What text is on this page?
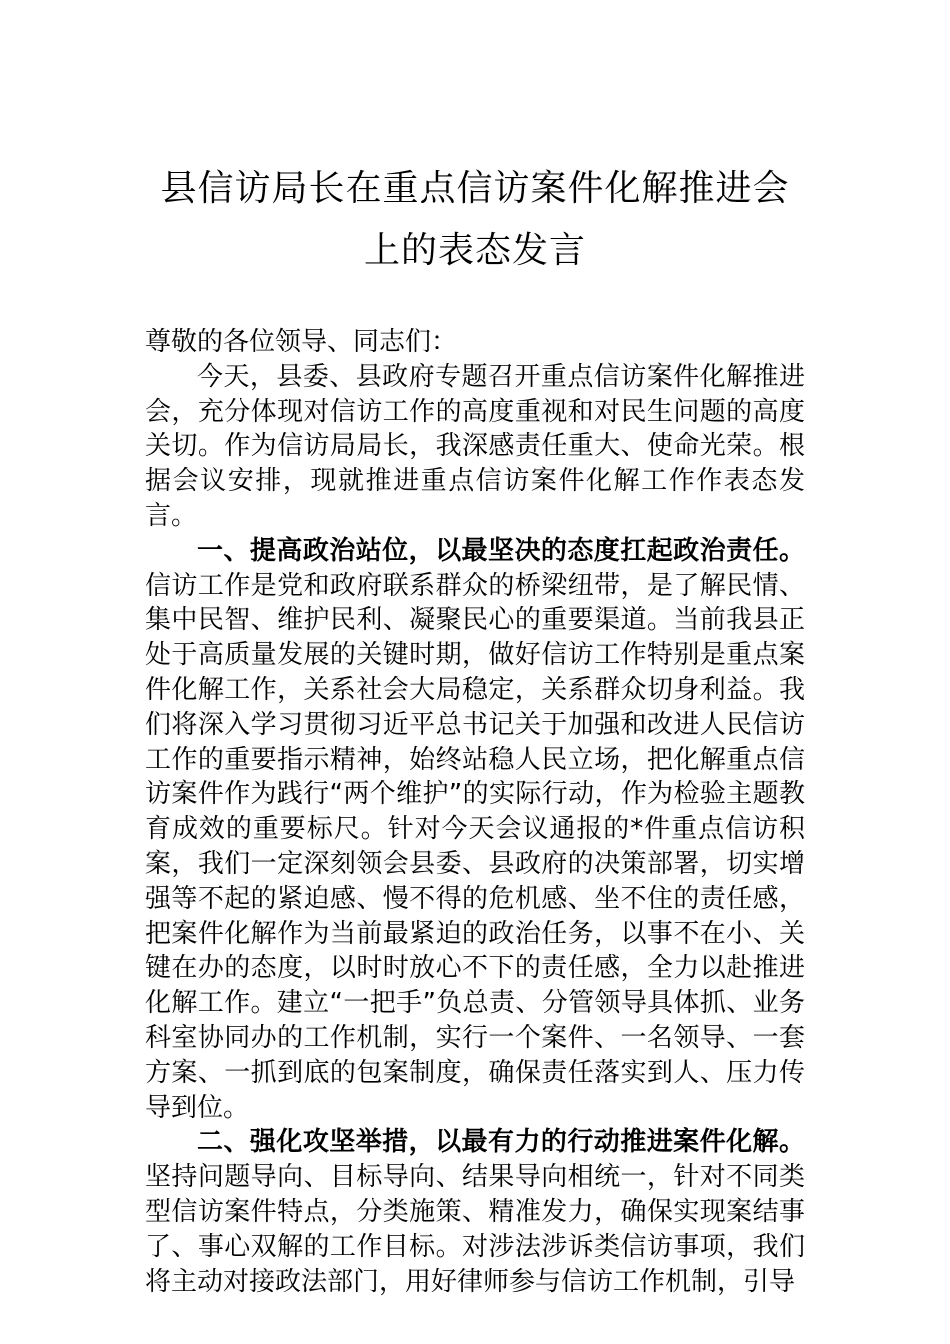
县信访局长在重点信访案件化解推进会上的表态发言

尊敬的各位领导、同志们：

今天，县委、县政府专题召开重点信访案件化解推进会，充分体现对信访工作的高度重视和对民生问题的高度关切。作为信访局局长，我深感责任重大、使命光荣。根据会议安排，现就推进重点信访案件化解工作作表态发言。

一、提高政治站位，以最坚决的态度扛起政治责任。信访工作是党和政府联系群众的桥梁纽带，是了解民情、集中民智、维护民利、凝聚民心的重要渠道。当前我县正处于高质量发展的关键时期，做好信访工作特别是重点案件化解工作，关系社会大局稳定，关系群众切身利益。我们将深入学习贯彻习近平总书记关于加强和改进人民信访工作的重要指示精神，始终站稳人民立场，把化解重点信访案件作为践行“两个维护”的实际行动，作为检验主题教育成效的重要标尺。针对今天会议通报的*件重点信访积案，我们一定深刻领会县委、县政府的决策部署，切实增强等不起的紧迫感、慢不得的危机感、坐不住的责任感，把案件化解作为当前最紧迫的政治任务，以事不在小、关键在办的态度，以时时放心不下的责任感，全力以赴推进化解工作。建立“一把手”负总责、分管领导具体抓、业务科室协同办的工作机制，实行一个案件、一名领导、一套方案、一抓到底的包案制度，确保责任落实到人、压力传导到位。

二、强化攻坚举措，以最有力的行动推进案件化解。坚持问题导向、目标导向、结果导向相统一，针对不同类型信访案件特点，分类施策、精准发力，确保实现案结事了、事心双解的工作目标。对涉法涉诉类信访事项，我们将主动对接政法部门，用好律师参与信访工作机制，引导
